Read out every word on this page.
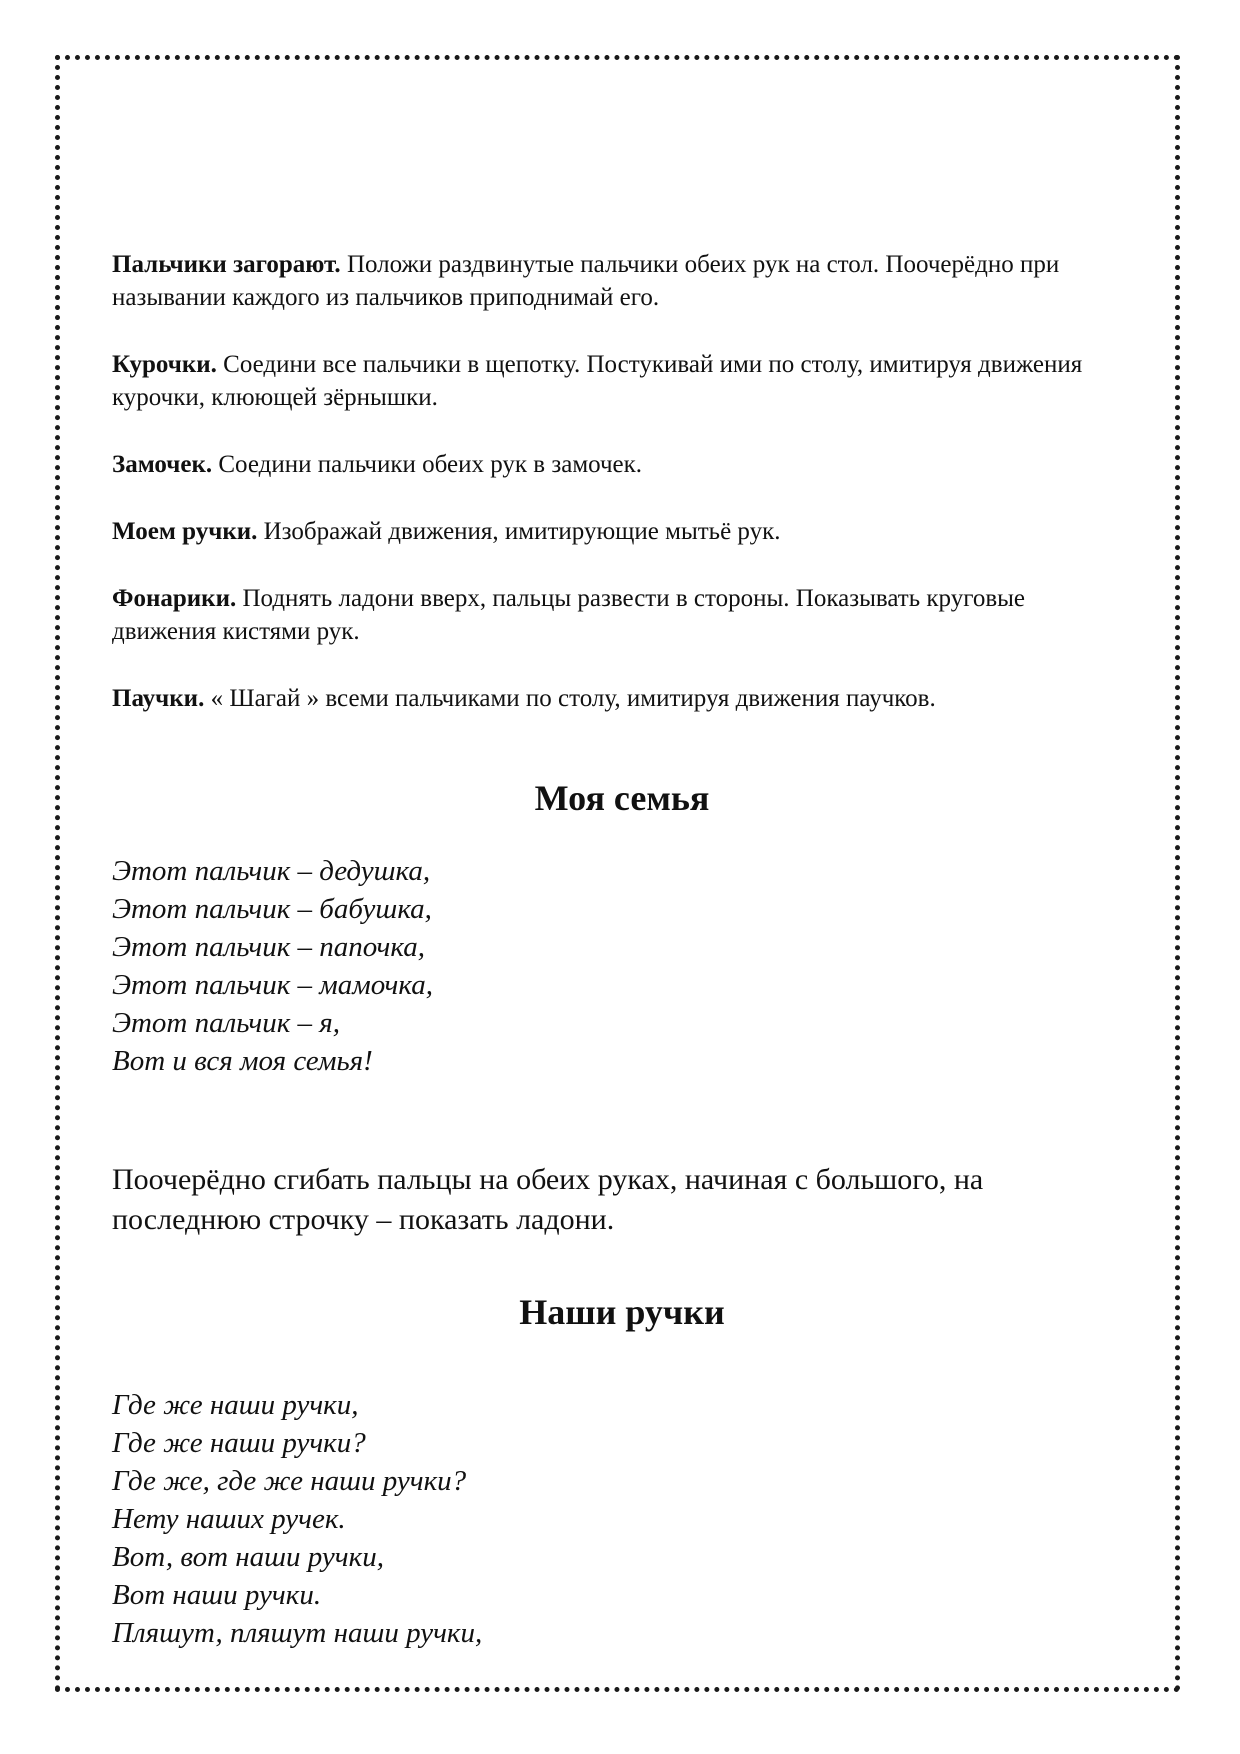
Пальчики загорают. Положи раздвинутые пальчики обеих рук на стол. Поочерёдно при назывании каждого из пальчиков приподнимай его.

Курочки. Соедини все пальчики в щепотку. Постукивай ими по столу, имитируя движения курочки, клюющей зёрнышки.

Замочек. Соедини пальчики обеих рук в замочек.

Моем ручки. Изображай движения, имитирующие мытьё рук.

Фонарики. Поднять ладони вверх, пальцы развести в стороны. Показывать круговые движения кистями рук.

Паучки. « Шагай » всеми пальчиками по столу, имитируя движения паучков.

Моя семья
Этот пальчик – дедушка,
Этот пальчик – бабушка,
Этот пальчик – папочка,
Этот пальчик – мамочка,
Этот пальчик – я,
Вот и вся моя семья!

Поочерёдно сгибать пальцы на обеих руках, начиная с большого, на последнюю строчку – показать ладони.

Наши ручки
Где же наши ручки,
Где же наши ручки?
Где же, где же наши ручки?
Нету наших ручек.
Вот, вот наши ручки,
Вот наши ручки.
Пляшут, пляшут наши ручки,
